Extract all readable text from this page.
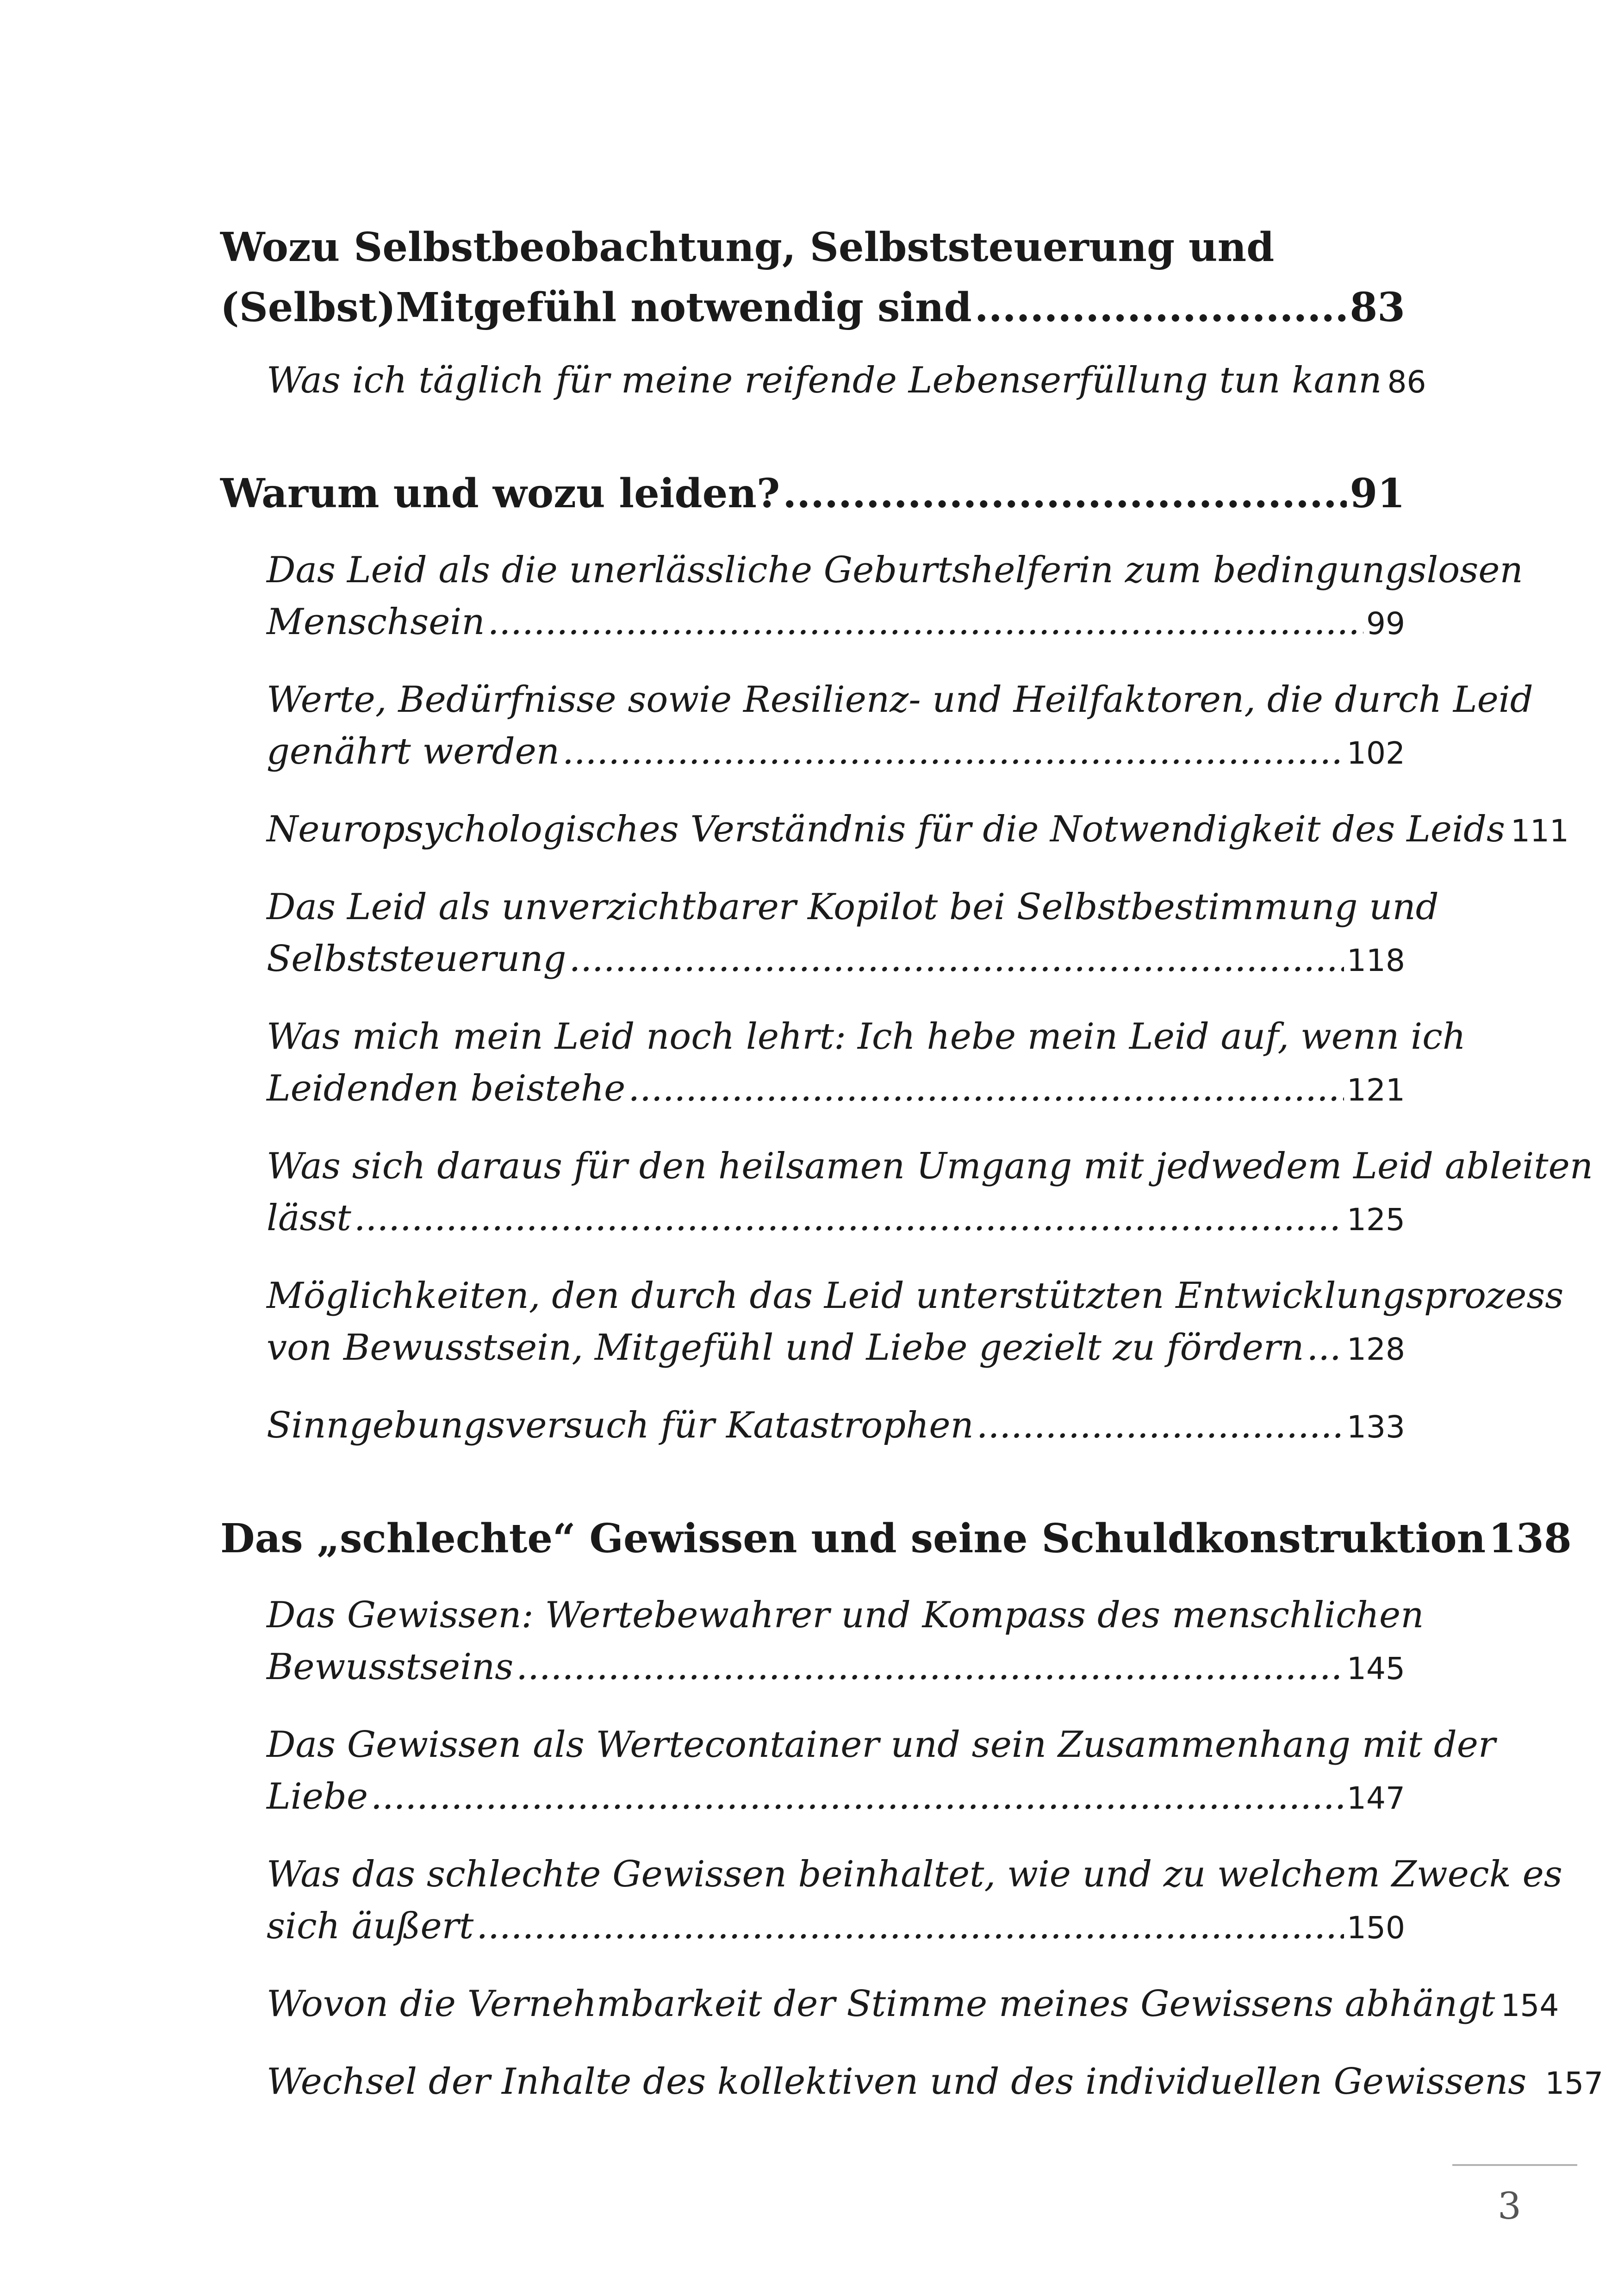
Wozu Selbstbeobachtung, Selbststeuerung und
(Selbst)Mitgefühl notwendig sind .....	83
Was ich täglich für meine reifende Lebenserfüllung tun kann 86
Warum und wozu leiden? .....	91
Das Leid als die unerlässliche Geburtshelferin zum bedingungslosen
Menschsein .....	99
Werte, Bedürfnisse sowie Resilienz- und Heilfaktoren, die durch Leid
genährt werden .....	102
Neuropsychologisches Verständnis für die Notwendigkeit des Leids 111
Das Leid als unverzichtbarer Kopilot bei Selbstbestimmung und
Selbststeuerung .....	118
Was mich mein Leid noch lehrt: Ich hebe mein Leid auf, wenn ich
Leidenden beistehe .....	121
Was sich daraus für den heilsamen Umgang mit jedwedem Leid ableiten
lässt .....	125
Möglichkeiten, den durch das Leid unterstützten Entwicklungsprozess
von Bewusstsein, Mitgefühl und Liebe gezielt zu fördern ..... 128
Sinngebungsversuch für Katastrophen .....	133
Das „schlechte“ Gewissen und seine Schuldkonstruktion 138
Das Gewissen: Wertebewahrer und Kompass des menschlichen
Bewusstseins .....	145
Das Gewissen als Wertecontainer und sein Zusammenhang mit der
Liebe .....	147
Was das schlechte Gewissen beinhaltet, wie und zu welchem Zweck es
sich äußert .....	150
Wovon die Vernehmbarkeit der Stimme meines Gewissens abhängt 154
Wechsel der Inhalte des kollektiven und des individuellen Gewissens 157
3
